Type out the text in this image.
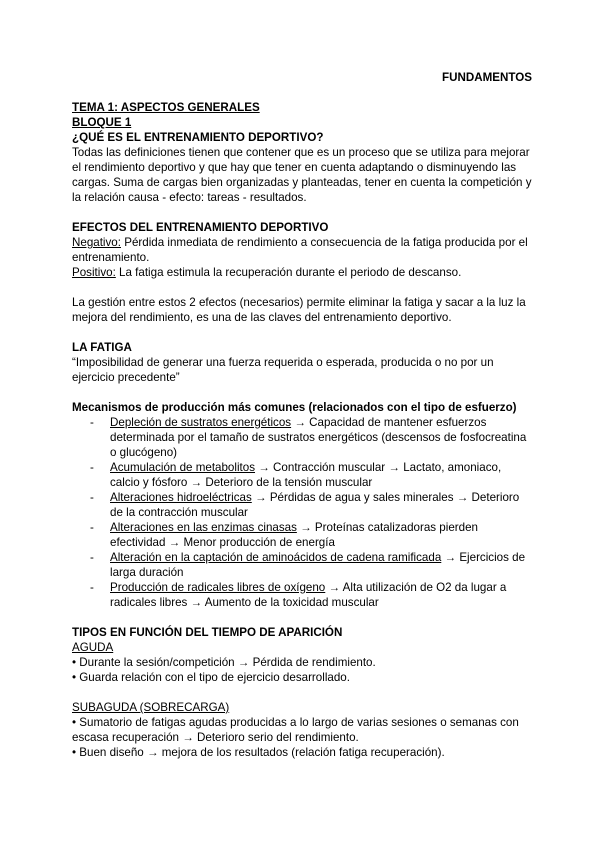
FUNDAMENTOS

TEMA 1: ASPECTOS GENERALES

BLOQUE 1

¿QUÉ ES EL ENTRENAMIENTO DEPORTIVO?

Todas las definiciones tienen que contener que es un proceso que se utiliza para mejorar el rendimiento deportivo y que hay que tener en cuenta adaptando o disminuyendo las cargas. Suma de cargas bien organizadas y planteadas, tener en cuenta la competición y la relación causa - efecto: tareas - resultados.

EFECTOS DEL ENTRENAMIENTO DEPORTIVO

Negativo: Pérdida inmediata de rendimiento a consecuencia de la fatiga producida por el entrenamiento.

Positivo: La fatiga estimula la recuperación durante el periodo de descanso.

La gestión entre estos 2 efectos (necesarios) permite eliminar la fatiga y sacar a la luz la mejora del rendimiento, es una de las claves del entrenamiento deportivo.

LA FATIGA

“Imposibilidad de generar una fuerza requerida o esperada, producida o no por un ejercicio precedente”

Mecanismos de producción más comunes (relacionados con el tipo de esfuerzo)

- Depleción de sustratos energéticos → Capacidad de mantener esfuerzos determinada por el tamaño de sustratos energéticos (descensos de fosfocreatina o glucógeno)
- Acumulación de metabolitos → Contracción muscular → Lactato, amoniaco, calcio y fósforo → Deterioro de la tensión muscular
- Alteraciones hidroeléctricas → Pérdidas de agua y sales minerales → Deterioro de la contracción muscular
- Alteraciones en las enzimas cinasas → Proteínas catalizadoras pierden efectividad → Menor producción de energía
- Alteración en la captación de aminoácidos de cadena ramificada → Ejercicios de larga duración
- Producción de radicales libres de oxígeno → Alta utilización de O2 da lugar a radicales libres → Aumento de la toxicidad muscular

TIPOS EN FUNCIÓN DEL TIEMPO DE APARICIÓN

AGUDA

• Durante la sesión/competición → Pérdida de rendimiento.

• Guarda relación con el tipo de ejercicio desarrollado.

SUBAGUDA (SOBRECARGA)

• Sumatorio de fatigas agudas producidas a lo largo de varias sesiones o semanas con escasa recuperación → Deterioro serio del rendimiento.

• Buen diseño → mejora de los resultados (relación fatiga recuperación).
